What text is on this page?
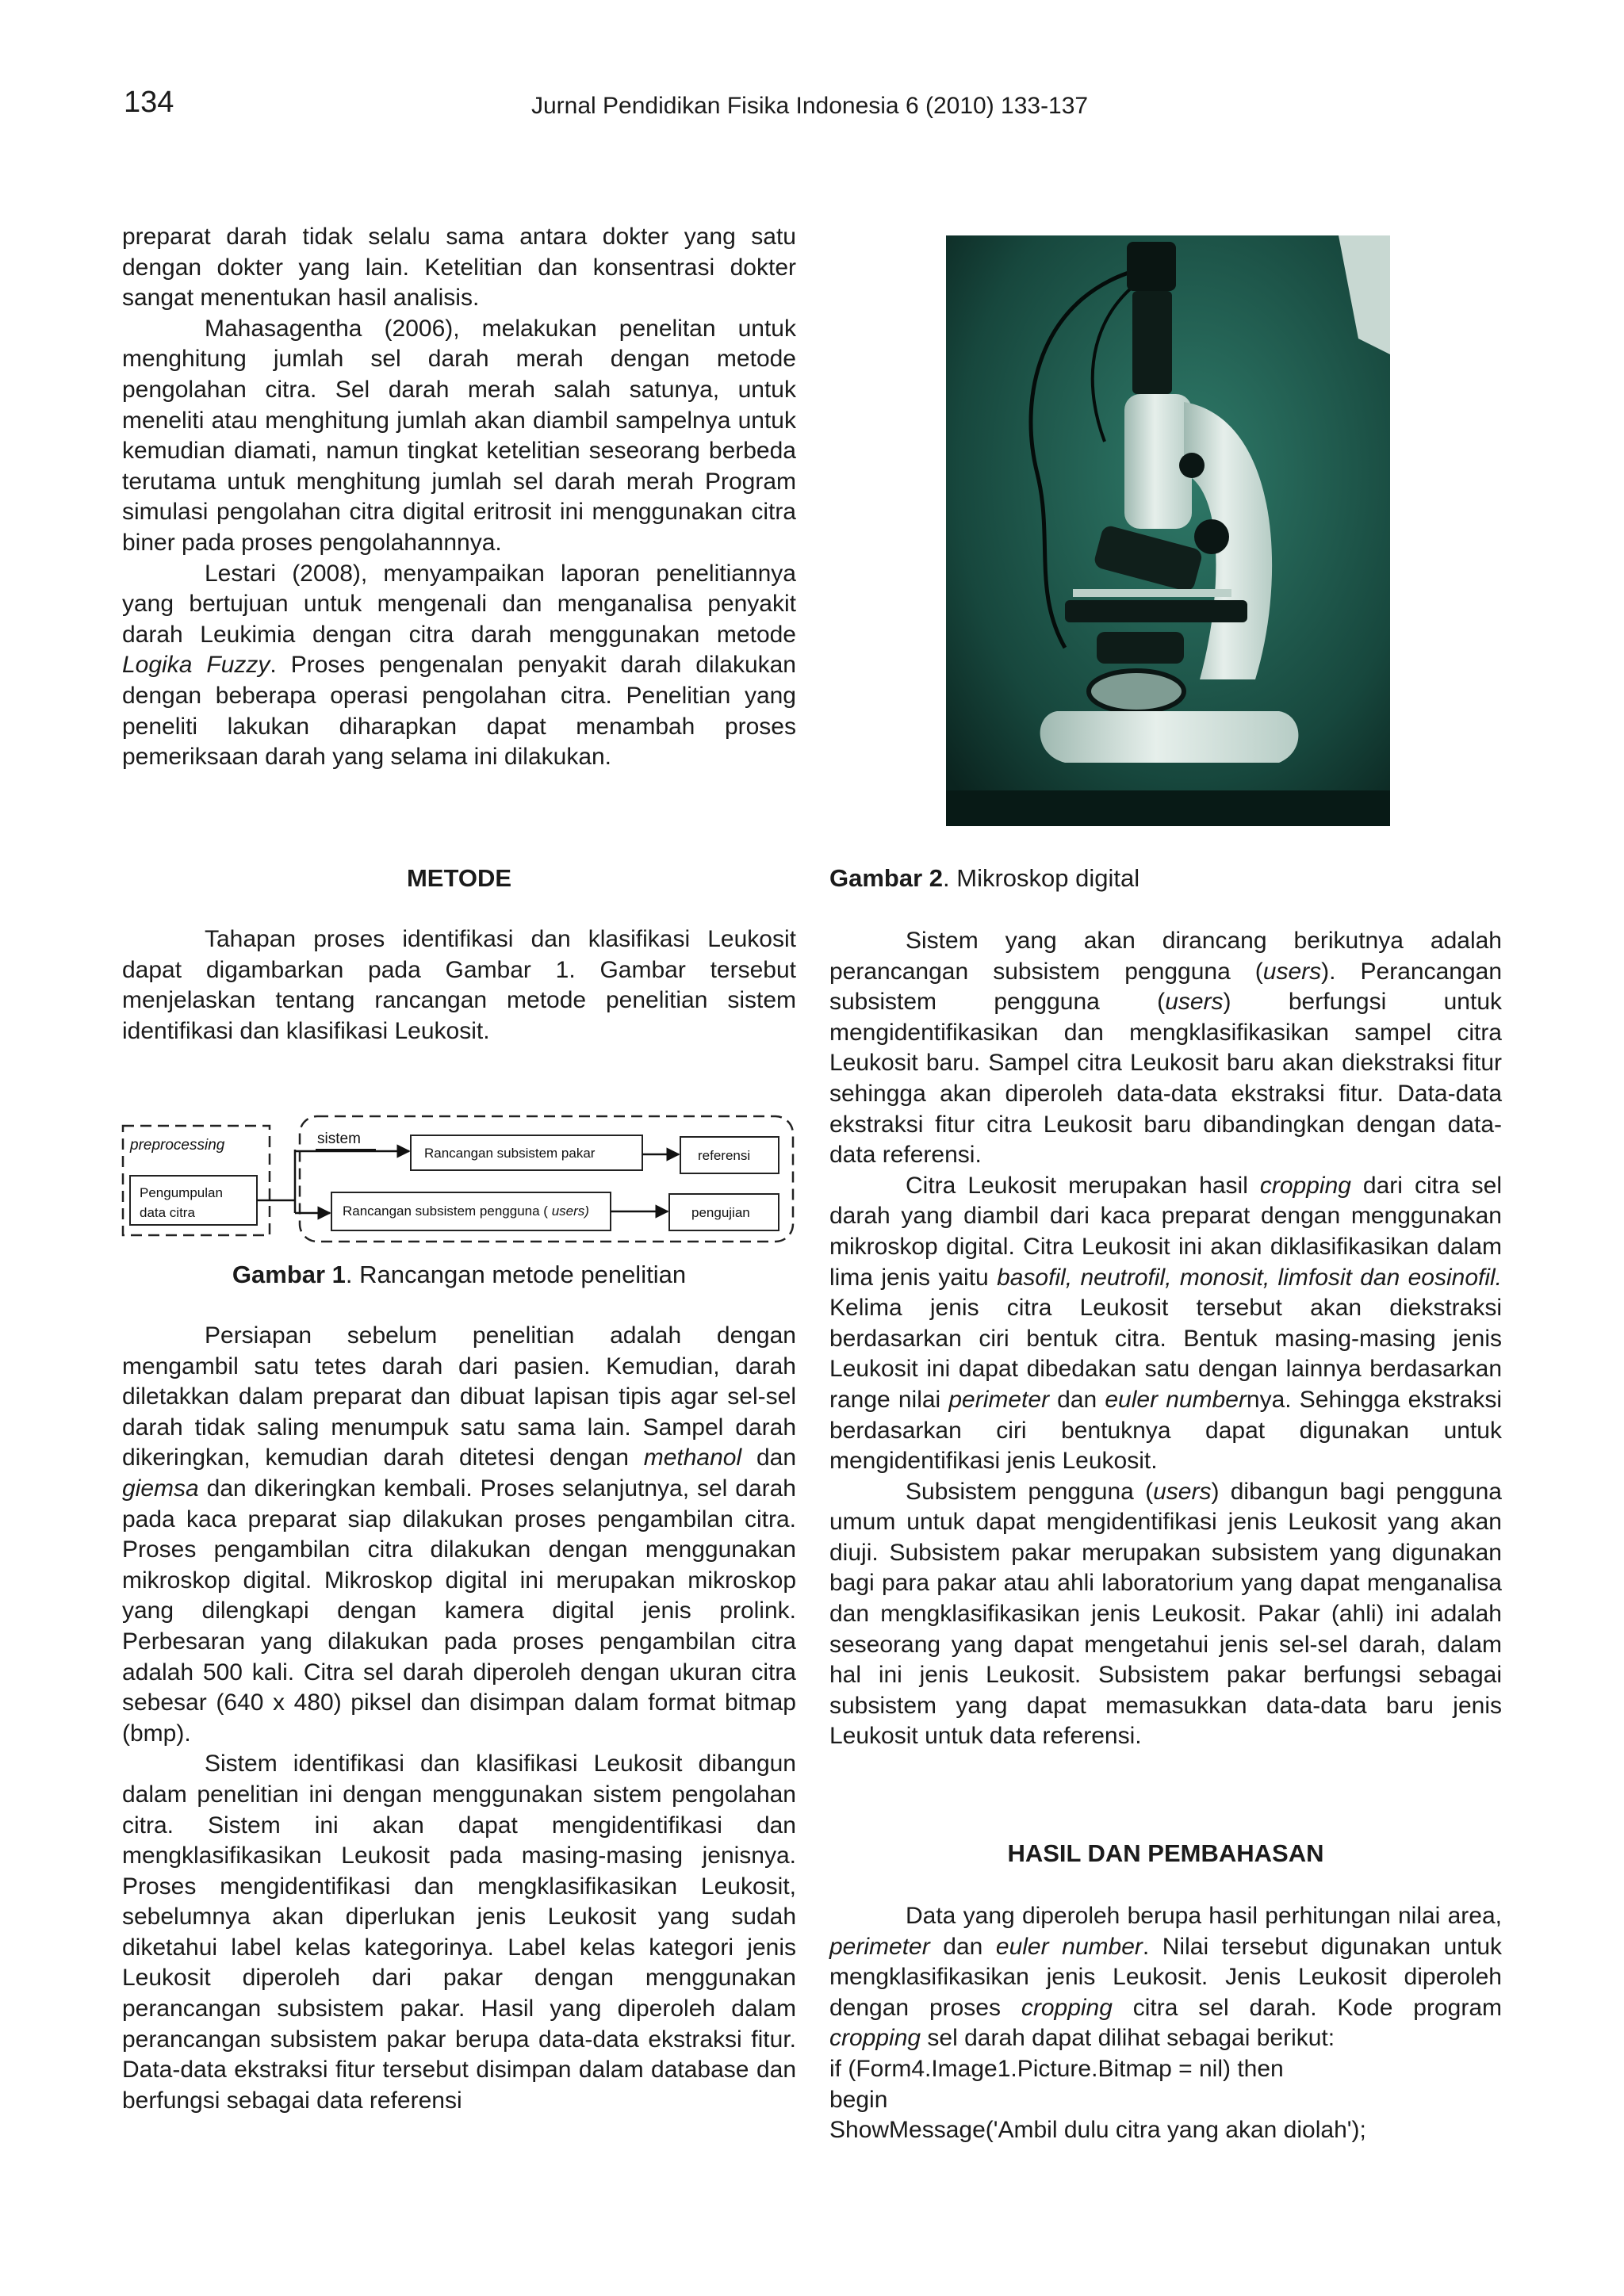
134	Jurnal Pendidikan Fisika Indonesia 6 (2010) 133-137

preparat darah tidak selalu sama antara dokter yang satu dengan dokter yang lain. Ketelitian dan konsentrasi dokter sangat menentukan hasil analisis.

Mahasagentha (2006), melakukan penelitan untuk menghitung jumlah sel darah merah dengan metode pengolahan citra. Sel darah merah salah satunya, untuk meneliti atau menghitung jumlah akan diambil sampelnya untuk kemudian diamati, namun tingkat ketelitian seseorang berbeda terutama untuk menghitung jumlah sel darah merah Program simulasi pengolahan citra digital eritrosit ini menggunakan citra biner pada proses pengolahannnya.

Lestari (2008), menyampaikan laporan penelitiannya yang bertujuan untuk mengenali dan menganalisa penyakit darah Leukimia dengan citra darah menggunakan metode Logika Fuzzy. Proses pengenalan penyakit darah dilakukan dengan beberapa operasi pengolahan citra. Penelitian yang peneliti lakukan diharapkan dapat menambah proses pemeriksaan darah yang selama ini dilakukan.

METODE

Tahapan proses identifikasi dan klasifikasi Leukosit dapat digambarkan pada Gambar 1. Gambar tersebut menjelaskan tentang rancangan metode penelitian sistem identifikasi dan klasifikasi Leukosit.

preprocessing
Pengumpulan
data citra
sistem
Rancangan subsistem pakar
Rancangan subsistem pengguna ( users)
referensi
pengujian
Gambar 1. Rancangan metode penelitian

Persiapan sebelum penelitian adalah dengan mengambil satu tetes darah dari pasien. Kemudian, darah diletakkan dalam preparat dan dibuat lapisan tipis agar sel-sel darah tidak saling menumpuk satu sama lain. Sampel darah dikeringkan, kemudian darah ditetesi dengan methanol dan giemsa dan dikeringkan kembali. Proses selanjutnya, sel darah pada kaca preparat siap dilakukan proses pengambilan citra. Proses pengambilan citra dilakukan dengan menggunakan mikroskop digital. Mikroskop digital ini merupakan mikroskop yang dilengkapi dengan kamera digital jenis prolink. Perbesaran yang dilakukan pada proses pengambilan citra adalah 500 kali. Citra sel darah diperoleh dengan ukuran citra sebesar (640 x 480) piksel dan disimpan dalam format bitmap (bmp).

Sistem identifikasi dan klasifikasi Leukosit dibangun dalam penelitian ini dengan menggunakan sistem pengolahan citra. Sistem ini akan dapat mengidentifikasi dan mengklasifikasikan Leukosit pada masing-masing jenisnya. Proses mengidentifikasi dan mengklasifikasikan Leukosit, sebelumnya akan diperlukan jenis Leukosit yang sudah diketahui label kelas kategorinya. Label kelas kategori jenis Leukosit diperoleh dari pakar dengan menggunakan perancangan subsistem pakar. Hasil yang diperoleh dalam perancangan subsistem pakar berupa data-data ekstraksi fitur. Data-data ekstraksi fitur tersebut disimpan dalam database dan berfungsi sebagai data referensi

Gambar 2. Mikroskop digital

Sistem yang akan dirancang berikutnya adalah perancangan subsistem pengguna (users). Perancangan subsistem pengguna (users) berfungsi untuk mengidentifikasikan dan mengklasifikasikan sampel citra Leukosit baru. Sampel citra Leukosit baru akan diekstraksi fitur sehingga akan diperoleh data-data ekstraksi fitur. Data-data ekstraksi fitur citra Leukosit baru dibandingkan dengan data-data referensi.

Citra Leukosit merupakan hasil cropping dari citra sel darah yang diambil dari kaca preparat dengan menggunakan mikroskop digital. Citra Leukosit ini akan diklasifikasikan dalam lima jenis yaitu basofil, neutrofil, monosit, limfosit dan eosinofil. Kelima jenis citra Leukosit tersebut akan diekstraksi berdasarkan ciri bentuk citra. Bentuk masing-masing jenis Leukosit ini dapat dibedakan satu dengan lainnya berdasarkan range nilai perimeter dan euler numbernya. Sehingga ekstraksi berdasarkan ciri bentuknya dapat digunakan untuk mengidentifikasi jenis Leukosit.

Subsistem pengguna (users) dibangun bagi pengguna umum untuk dapat mengidentifikasi jenis Leukosit yang akan diuji. Subsistem pakar merupakan subsistem yang digunakan bagi para pakar atau ahli laboratorium yang dapat menganalisa dan mengklasifikasikan jenis Leukosit. Pakar (ahli) ini adalah seseorang yang dapat mengetahui jenis sel-sel darah, dalam hal ini jenis Leukosit. Subsistem pakar berfungsi sebagai subsistem yang dapat memasukkan data-data baru jenis Leukosit untuk data referensi.

HASIL DAN PEMBAHASAN

Data yang diperoleh berupa hasil perhitungan nilai area, perimeter dan euler number. Nilai tersebut digunakan untuk mengklasifikasikan jenis Leukosit. Jenis Leukosit diperoleh dengan proses cropping citra sel darah. Kode program cropping sel darah dapat dilihat sebagai berikut:

if (Form4.Image1.Picture.Bitmap = nil) then
begin
ShowMessage('Ambil dulu citra yang akan diolah');
